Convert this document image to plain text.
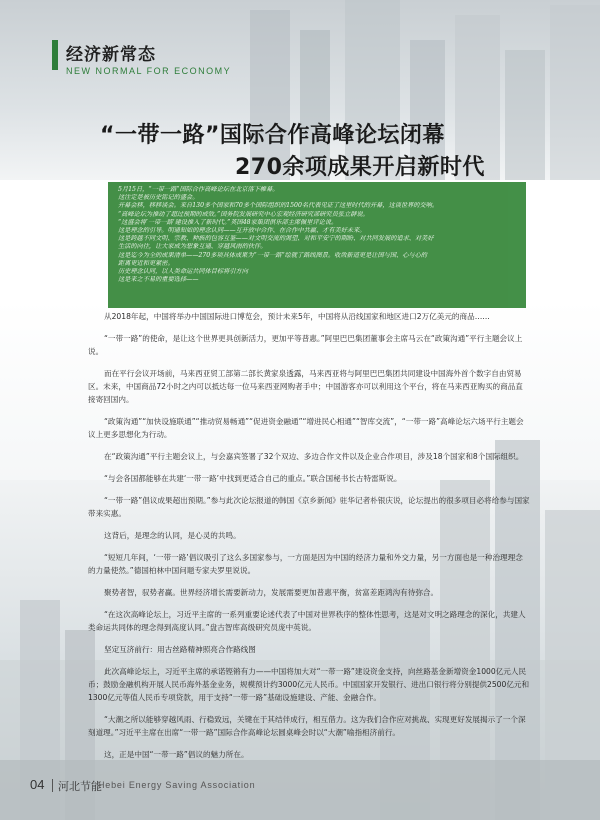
经济新常态
NEW NORMAL FOR ECONOMY
“一带一路”国际合作高峰论坛闭幕
270余项成果开启新时代

5月15日，“一带一路”国际合作高峰论坛在北京落下帷幕。

这注定是被历史铭记的盛会。

开幕会移，移移谈会。来自130多个国家和70多个国际组织的1500名代表见证了这里时代的开幕，这谈世界的交响。

“高峰论坛为推动了超过预期的成效。”国务院发展研究中心宏观经济研究部研究员张立群说。

“这盛会将‘一带一路’建设推入了新时代。”英国48家集团俱乐部主席佩里评论说。

这是理念的引导。明通知如的理念认同——互开放中合作、在合作中共赢、才有美好未来。

这是跨越不同文明、宗教、种族的包容互鉴——对文明交流的渴望、对和平安宁的期盼、对共同发展的追求、对美好

生活的向往，让大家成为想象互通、穿越风雨的伙伴。

这是迄今为全的成果清单——270多项具体成果为“一带一路”绘就了路线图景。收敛新道更是让国与国、心与心的

距离更近和更紧密。

历史理念认同，以人类命运共同体目标将引方向

这是来之不易的重要选择——

从2018年起，中国将举办中国国际进口博览会，预计未来5年，中国将从沿线国家和地区进口2万亿美元的商品……

“一带一路”的使命，是让这个世界更具创新活力，更加平等普惠。”阿里巴巴集团董事会主席马云在“政策沟通”平行主题会议上说。

而在平行会议开场前，马来西亚贸工部第二部长黄家泉透露，马来西亚将与阿里巴巴集团共同建设中国海外首个数字自由贸易区。未来，中国商品72小时之内可以抵达每一位马来西亚网购者手中；中国游客亦可以利用这个平台，将在马来西亚购买的商品直接寄回国内。

“政策沟通”“加快设施联通”“推动贸易畅通”“促进资金融通”“增进民心相通”“智库交流”，“一带一路”高峰论坛六场平行主题会议上更多思想化为行动。

在“政策沟通”平行主题会议上，与会嘉宾签署了32个双边、多边合作文件以及企业合作项目，涉及18个国家和8个国际组织。

“与会各国都能够在共建‘一带一路’中找到更适合自己的重点。”联合国秘书长古特雷斯说。

“一带一路”倡议成果超出预期。”参与此次论坛报道的韩国《京乡新闻》驻华记者朴银庆说，论坛提出的很多项目必将给参与国家带来实惠。

这背后，是理念的认同，是心灵的共鸣。

“短短几年间，‘一带一路’倡议吸引了这么多国家参与，一方面是因为中国的经济力量和外交力量，另一方面也是一种治理理念的力量使然。”德国柏林中国问题专家夫罗里说说。

聚势者智，驭势者赢。世界经济增长需要新动力，发展需要更加普惠平衡，贫富差距鸿沟有待弥合。

“在这次高峰论坛上，习近平主席的一系列重要论述代表了中国对世界秩序的整体性思考，这是对文明之路理念的深化，共建人类命运共同体的理念得到高度认同。”盘古智库高级研究员庞中英说。

坚定互济前行：用古丝路精神照亮合作路线图

此次高峰论坛上，习近平主席的承诺铿锵有力——中国将加大对“一带一路”建设资金支持，向丝路基金新增资金1000亿元人民币；鼓励金融机构开展人民币海外基金业务，规模预计约3000亿元人民币。中国国家开发银行、进出口银行将分别提供2500亿元和1300亿元等值人民币专项贷款，用于支持“一带一路”基础设施建设、产能、金融合作。

“大潮之所以能够穿越风雨、行稳致远，关键在于其结伴成行，相互借力。这为我们合作应对挑战、实现更好发展揭示了一个深刻道理。”习近平主席在出席“一带一路”国际合作高峰论坛圆桌峰会时以“大潮”喻指相济前行。

这，正是中国“一带一路”倡议的魅力所在。

04 河北节能
Hebei Energy Saving Association
